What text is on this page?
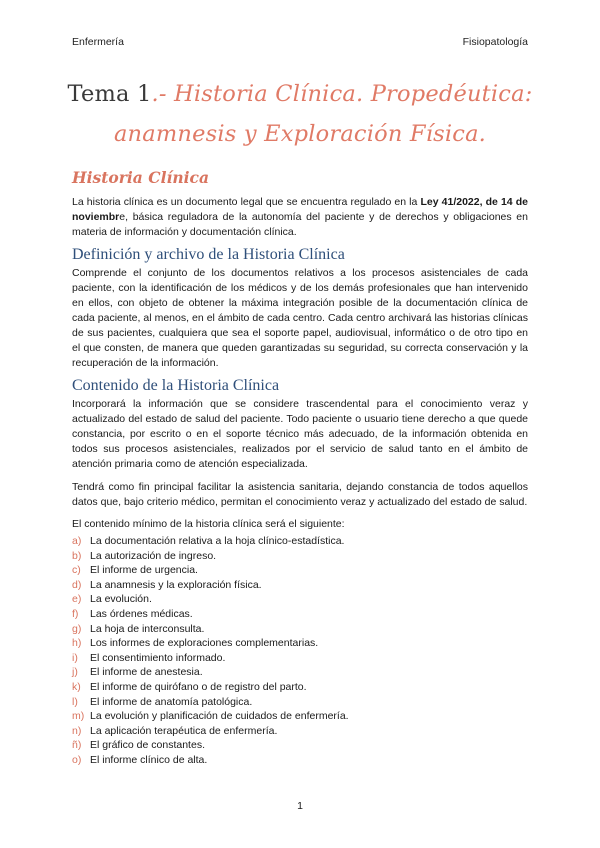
Enfermería	Fisiopatología
Tema 1.- Historia Clínica. Propedéutica: anamnesis y Exploración Física.
Historia Clínica

La historia clínica es un documento legal que se encuentra regulado en la Ley 41/2022, de 14 de noviembre, básica reguladora de la autonomía del paciente y de derechos y obligaciones en materia de información y documentación clínica.

Definición y archivo de la Historia Clínica

Comprende el conjunto de los documentos relativos a los procesos asistenciales de cada paciente, con la identificación de los médicos y de los demás profesionales que han intervenido en ellos, con objeto de obtener la máxima integración posible de la documentación clínica de cada paciente, al menos, en el ámbito de cada centro. Cada centro archivará las historias clínicas de sus pacientes, cualquiera que sea el soporte papel, audiovisual, informático o de otro tipo en el que consten, de manera que queden garantizadas su seguridad, su correcta conservación y la recuperación de la información.

Contenido de la Historia Clínica

Incorporará la información que se considere trascendental para el conocimiento veraz y actualizado del estado de salud del paciente. Todo paciente o usuario tiene derecho a que quede constancia, por escrito o en el soporte técnico más adecuado, de la información obtenida en todos sus procesos asistenciales, realizados por el servicio de salud tanto en el ámbito de atención primaria como de atención especializada.

Tendrá como fin principal facilitar la asistencia sanitaria, dejando constancia de todos aquellos datos que, bajo criterio médico, permitan el conocimiento veraz y actualizado del estado de salud.

El contenido mínimo de la historia clínica será el siguiente:

a) La documentación relativa a la hoja clínico-estadística.
b) La autorización de ingreso.
c) El informe de urgencia.
d) La anamnesis y la exploración física.
e) La evolución.
f) Las órdenes médicas.
g) La hoja de interconsulta.
h) Los informes de exploraciones complementarias.
i) El consentimiento informado.
j) El informe de anestesia.
k) El informe de quirófano o de registro del parto.
l) El informe de anatomía patológica.
m) La evolución y planificación de cuidados de enfermería.
n) La aplicación terapéutica de enfermería.
ñ) El gráfico de constantes.
o) El informe clínico de alta.
1
